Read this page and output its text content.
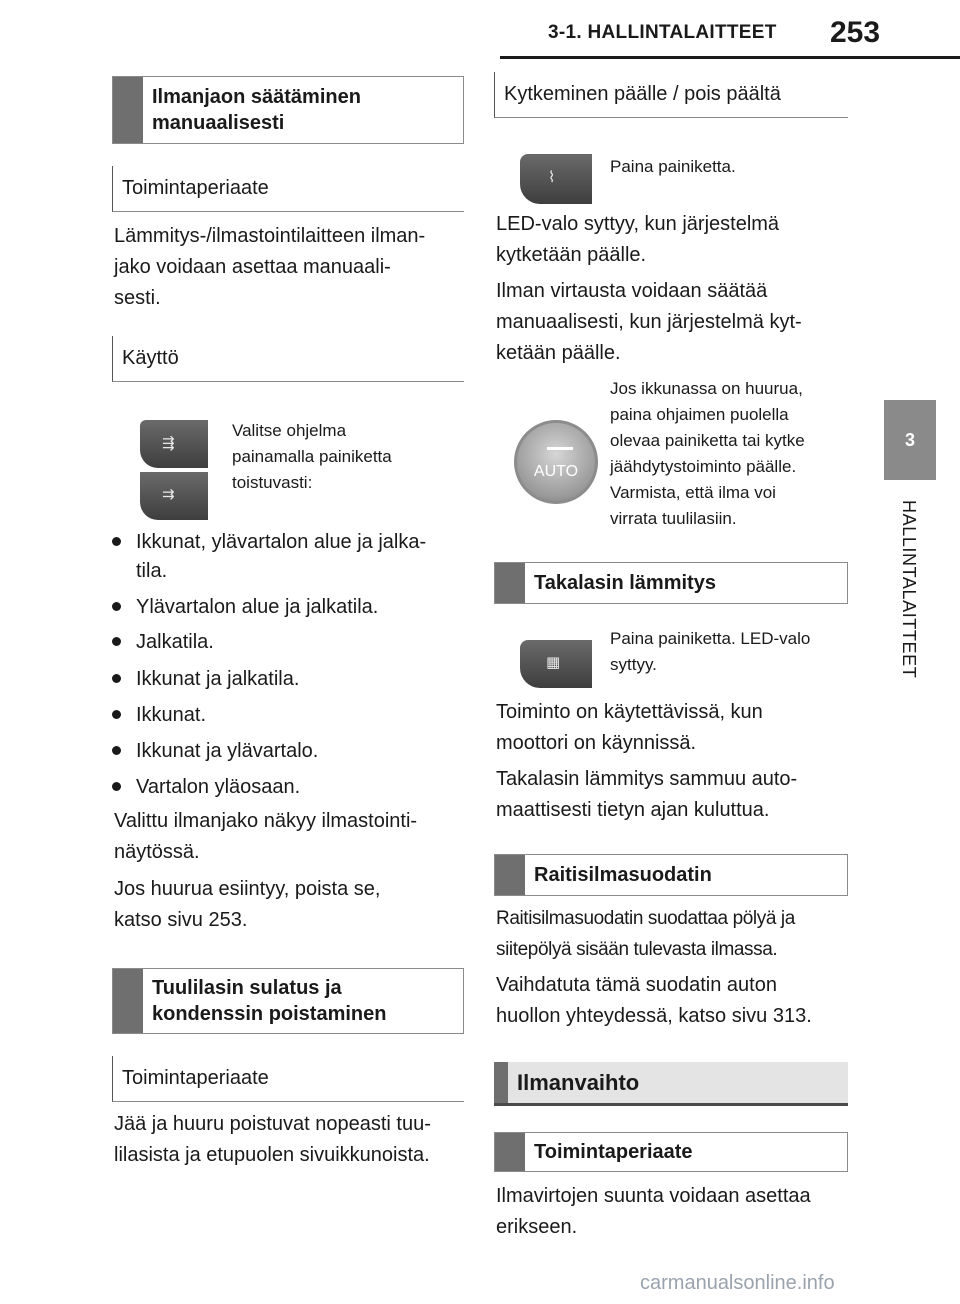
3-1. HALLINTALAITTEET 253
3
HALLINTALAITTEET
Ilmanjaon säätäminen manuaalisesti
Toimintaperiaate
Lämmitys-/ilmastointilaitteen ilman-
jako voidaan asettaa manuaali-
sesti.
Käyttö
⇶
⇉
Valitse ohjelma
painamalla painiketta
toistuvasti:
Ikkunat, ylävartalon alue ja jalka-
tila.
Ylävartalon alue ja jalkatila.
Jalkatila.
Ikkunat ja jalkatila.
Ikkunat.
Ikkunat ja ylävartalo.
Vartalon yläosaan.
Valittu ilmanjako näkyy ilmastointi-
näytössä.
Jos huurua esiintyy, poista se,
katso sivu 253.
Tuulilasin sulatus ja
kondenssin poistaminen
Toimintaperiaate
Jää ja huuru poistuvat nopeasti tuu-
lilasista ja etupuolen sivuikkunoista.
Kytkeminen päälle / pois päältä
⌇
Paina painiketta.
LED-valo syttyy, kun järjestelmä
kytketään päälle.
Ilman virtausta voidaan säätää
manuaalisesti, kun järjestelmä kyt-
ketään päälle.
AUTO
Jos ikkunassa on huurua,
paina ohjaimen puolella
olevaa painiketta tai kytke
jäähdytystoiminto päälle.
Varmista, että ilma voi
virrata tuulilasiin.
Takalasin lämmitys
▦
Paina painiketta. LED-valo
syttyy.
Toiminto on käytettävissä, kun
moottori on käynnissä.
Takalasin lämmitys sammuu auto-
maattisesti tietyn ajan kuluttua.
Raitisilmasuodatin
Raitisilmasuodatin suodattaa pölyä ja
siitepölyä sisään tulevasta ilmassa.
Vaihdatuta tämä suodatin auton
huollon yhteydessä, katso sivu 313.
Ilmanvaihto
Toimintaperiaate
Ilmavirtojen suunta voidaan asettaa
erikseen.
carmanualsonline.info
